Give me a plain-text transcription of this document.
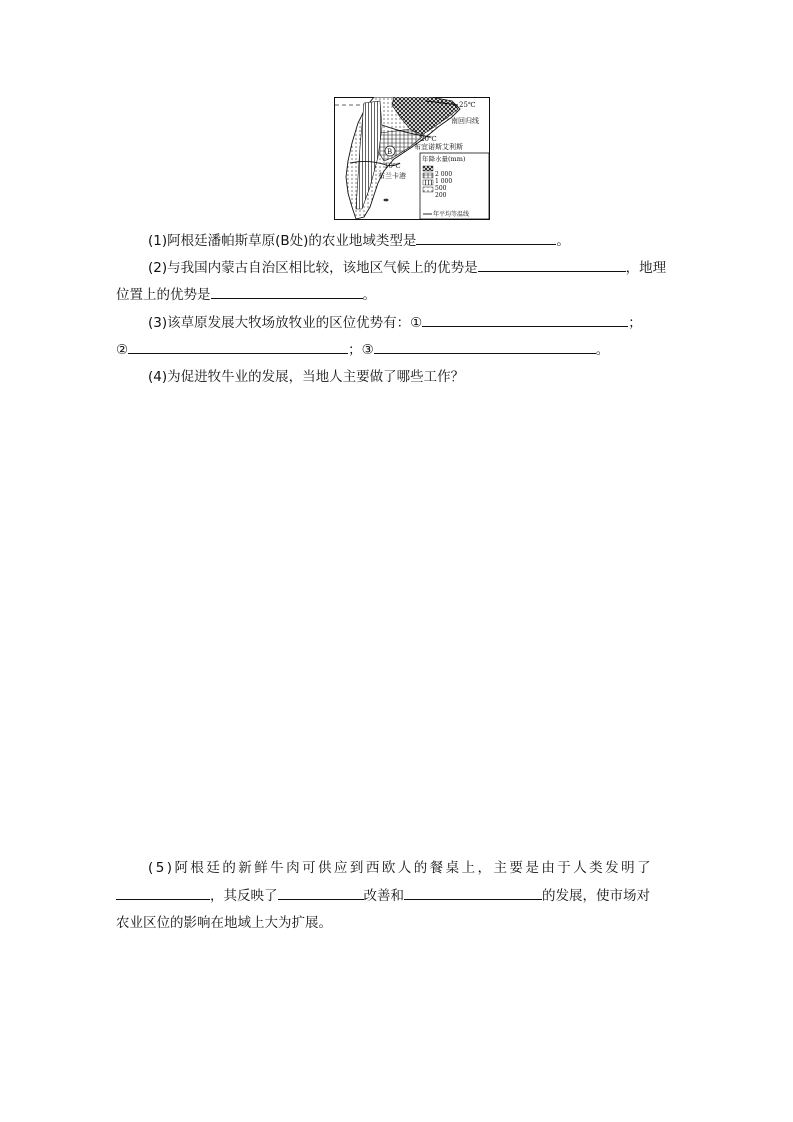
25℃
南回归线
20℃
布宜诺斯艾利斯
B
10℃
布兰卡港
年降水量(mm)
2 000
1 000
500
200
年平均等温线
(1)阿根廷潘帕斯草原(B处)的农业地域类型是	。
(2)与我国内蒙古自治区相比较，该地区气候上的优势是	，地理
位置上的优势是	。
(3)该草原发展大牧场放牧业的区位优势有：①	；
②	；③	。
(4)为促进牧牛业的发展，当地人主要做了哪些工作？
(5)阿根廷的新鲜牛肉可供应到西欧人的餐桌上，主要是由于人类发明了
，其反映了	改善和	的发展，使市场对
农业区位的影响在地域上大为扩展。
